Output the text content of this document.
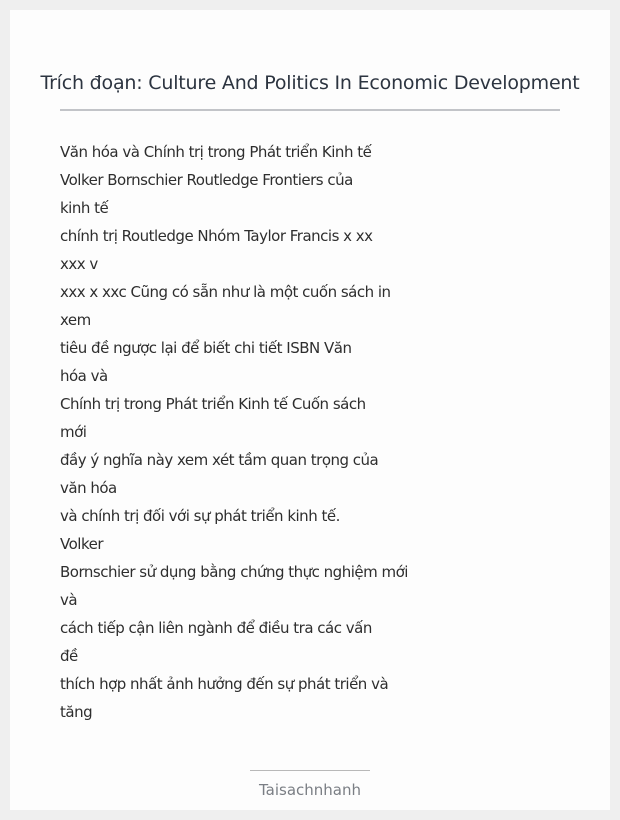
Trích đoạn: Culture And Politics In Economic Development
Văn hóa và Chính trị trong Phát triển Kinh tế
Volker Bornschier Routledge Frontiers của
kinh tế
chính trị Routledge Nhóm Taylor Francis x xx
xxx v
xxx x xxc Cũng có sẵn như là một cuốn sách in
xem
tiêu đề ngược lại để biết chi tiết ISBN Văn
hóa và
Chính trị trong Phát triển Kinh tế Cuốn sách
mới
đầy ý nghĩa này xem xét tầm quan trọng của
văn hóa
và chính trị đối với sự phát triển kinh tế.
Volker
Bornschier sử dụng bằng chứng thực nghiệm mới
và
cách tiếp cận liên ngành để điều tra các vấn
đề
thích hợp nhất ảnh hưởng đến sự phát triển và
tăng
Taisachnhanh
